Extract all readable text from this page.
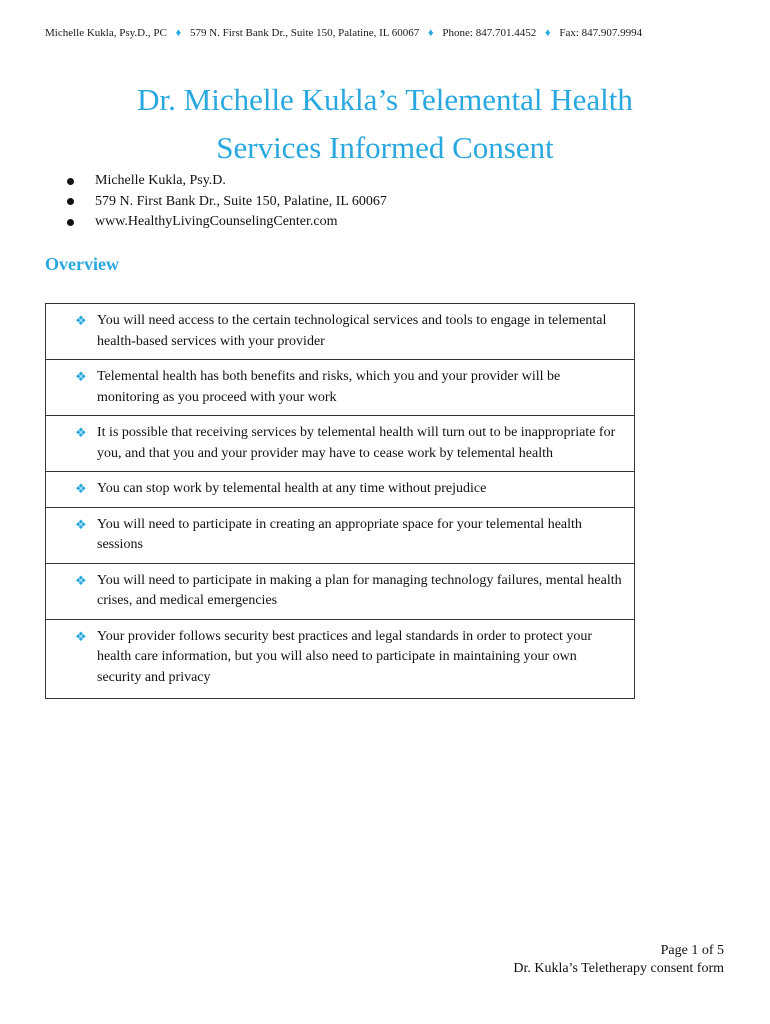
Michelle Kukla, Psy.D., PC ♦ 579 N. First Bank Dr., Suite 150, Palatine, IL 60067 ♦ Phone: 847.701.4452 ♦ Fax: 847.907.9994
Dr. Michelle Kukla’s Telemental Health
Services Informed Consent
Michelle Kukla, Psy.D.
579 N. First Bank Dr., Suite 150, Palatine, IL 60067
www.HealthyLivingCounselingCenter.com
Overview
❖ You will need access to the certain technological services and tools to engage in telemental health-based services with your provider

❖ Telemental health has both benefits and risks, which you and your provider will be monitoring as you proceed with your work

❖ It is possible that receiving services by telemental health will turn out to be inappropriate for you, and that you and your provider may have to cease work by telemental health

❖ You can stop work by telemental health at any time without prejudice

❖ You will need to participate in creating an appropriate space for your telemental health sessions

❖ You will need to participate in making a plan for managing technology failures, mental health crises, and medical emergencies

❖ Your provider follows security best practices and legal standards in order to protect your health care information, but you will also need to participate in maintaining your own security and privacy
Page 1 of 5
Dr. Kukla’s Teletherapy consent form
